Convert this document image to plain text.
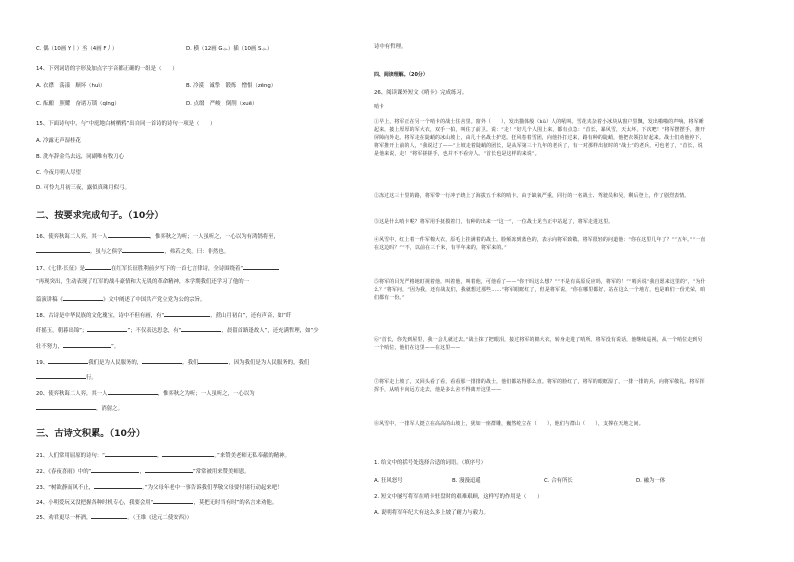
C. 偶（10画 Y丨）丞（4画 F丿）	D. 横（12画 G⺗）插（10画 S⺗）
14、下列词语的字形及加点字字音都正确的一组是（　　）
A. 衣襟　荡漾　顺坏（huì）	B. 冷漠　诚挚　锻炼　憎恨（zēng）
C. 酝酿　照耀　奋诸万锁（qīng）	D. 点缀　严峻　倒削（xuē）
15、下面诗句中，与“中庭地白树栖鸦”出自同一首诗的诗句一项是（　　）
A. 冷露无声湿桂花
B. 洗车辞金鸟去远，同副唯有牧刀心
C. 今夜月明人尽望
D. 可怜九月初三夜，露似真珠月似弓。
二、按要求完成句子。（10分）
16、使弈秋诲二人弈，其一人	，惟弈秋之为听；一人虽听之，一心以为有鸿鹄将至，
。虽与之俱学	，弗若之矣。曰：非然也。
17、《七律·长征》是	在红军长征胜利前夕写下的一首七言律诗，全诗围绕着“
”再现突出，生动表现了红军的战斗豪情和大无畏的革命精神，本学期我们还学习了他的一
篇演讲稿《	》文中阐述了中国共产党立党为公的宗旨。
18、古诗是中华民族的文化瑰宝，诗中不但有画，有“	，蔗山月初白”，还有声音，如“纤
纤摇玉，朝暮出锦”；	”；不仅表达思念，有“	，晨留首路逢故人”，还充满哲理，如“少
壮不努力，	”。
19、	我们是为人民服务的，	。我们	，因为我们是为人民服务的，我们
行。
20、使弈秋诲二人弈，其一人	，惟弈秋之为听；一人虽听之，一心以为
，消射之。
三、古诗文积累。（10分）
21、人们常用屈原的诗句：“	，	。”来赞美老师无私奉献的精神。
22、《春夜喜雨》中的“	，	”常常被用来赞美师恩。
23、“树欲静而风不止，	。”为父母年老中一事告诉我们孝敬父母要付诸行动起来吧！
24、小明爱玩又没把握各种时机专心，我要会用“	，莫把无时当有时”的名言来劝他。
25、劝君更尽一杯酒，	。（王维《送元二使安西》）
诗中有哲理。
四、阅读理解。（20分）
26、阅读课外短文《哨卡》完成练习。
哨卡
①早上，将军正在另一个哨卡的战士住舍里。窗外（　　），发出猫体般（hǔ）人的吼叫。雪花夹杂着小冰块从窗户里飘，发出啪啪的声响。将军睡起来，披上厚厚的军大衣，双手一拍，叫住了前卫。说：“走！”好几个人围上来，都有点急：“首长，暴风雪，天太坏，下次吧！”将军摆摆手，推开屏障向外走。将军走在陡峭的冰山坡上，由几十名战士护送。狂风卷着雪团，向他扑打过来，路有种的陡峭，他把衣领拉好起来。战士们劝他停下，将军推开上前的人，“我说过了——”上坡走着陡峭的团长，是从军第三十九年的老兵了，有一对那样出征时的“战士”的老兵，可也老了，“首长，说是他来说，走！”将军搓搓手，也并不不看旁人。“首长也是这样的来说”。
②冻过这三十里的路，将军带一行冲子绕上了海拔五千米的哨卡。由于缺氧严重，同行的一名战士、驾驶员和吴，剩后登上，作了剧烈表情。
③这是什么哨卡呢？将军用手抚摸着门，有种的出来一“这一”，一位战士见当正中站起了，将军走进这里。
④风雪中，红上着一件军棉大衣，原毛上挂满着的战士，脸颊冻到蓝色的，表示向将军致敬。将军很轻的问道他：“你在这里几年了？”“五年。”“一直在这边吗？”“不，以前在三千米，有半年来的，将军来的。”
⑤将军的目光严格地盯视着他，叫着他，叫着他，可他看了——“你干吗这么想？”“不是有高原反应吗，将军的！”“哨兵说“我自愿来这里的”，“为什么？”将军问，“因为我，还有战友们，我就想过那些……”将军眼眶红了，但是将军说，“你在哪里都好，站在这么一个地方，也是咱们一份光荣，咱们都有一份。”
⑥“首长，你先到屋里，我一会儿就过去。”战士抹了把眼泪，接过将军的棉大衣，转身走进了哨所。将军没有说话，他继续巡视，从一个哨位走到另一个哨位，他们在这里——在这里——
⑦将军走上坡了，又回头看了看，看看那一排排的战士，他们都站得那么直。将军的脸红了，将军的眼眶湿了，一排一排的兵，向将军敬礼。将军挥挥手，从哨卡向远方走去，他是多么舍不得离开这里——
⑧风雪中，一排军人挺立在高高的山坡上，犹如一座群雕，巍然屹立在（　　），他们与群山（　　），支撑在天地之间。
1. 给文中的括号处选择合适的词语。（填序号）
A. 狂风怒号	B. 漫漫迢遥	C. 合有所长	D. 融为一体
2. 短文中屡写将军在哨卡驻盘时的艰难艰顾，这样写的作用是（　　）
A. 说明将军年纪大有这么多上坡了耐力与毅力。
